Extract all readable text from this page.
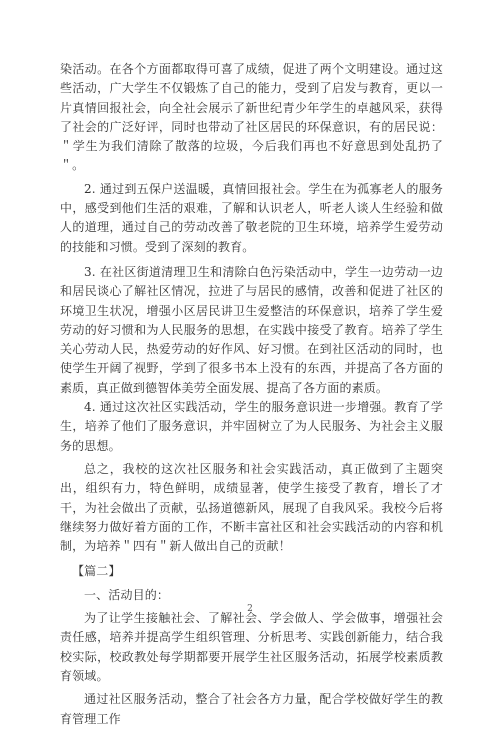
染活动。在各个方面都取得可喜了成绩，促进了两个文明建设。通过这些活动，广大学生不仅锻炼了自己的能力，受到了启发与教育，更以一片真情回报社会，向全社会展示了新世纪青少年学生的卓越风采，获得了社会的广泛好评，同时也带动了社区居民的环保意识，有的居民说：＂学生为我们清除了散落的垃圾，今后我们再也不好意思到处乱扔了＂。

2. 通过到五保户送温暖，真情回报社会。学生在为孤寡老人的服务中，感受到他们生活的艰难，了解和认识老人，听老人谈人生经验和做人的道理，通过自己的劳动改善了敬老院的卫生环境，培养学生爱劳动的技能和习惯。受到了深刻的教育。

3. 在社区街道清理卫生和清除白色污染活动中，学生一边劳动一边和居民谈心了解社区情况，拉进了与居民的感情，改善和促进了社区的环境卫生状况，增强小区居民讲卫生爱整洁的环保意识，培养了学生爱劳动的好习惯和为人民服务的思想，在实践中接受了教育。培养了学生关心劳动人民，热爱劳动的好作风、好习惯。在到社区活动的同时，也使学生开阔了视野，学到了很多书本上没有的东西，并提高了各方面的素质，真正做到德智体美劳全面发展、提高了各方面的素质。

4. 通过这次社区实践活动，学生的服务意识进一步增强。教育了学生，培养了他们了服务意识，并牢固树立了为人民服务、为社会主义服务的思想。

总之，我校的这次社区服务和社会实践活动，真正做到了主题突出，组织有力，特色鲜明，成绩显著，使学生接受了教育，增长了才干，为社会做出了贡献，弘扬道德新风，展现了自我风采。我校今后将继续努力做好着方面的工作，不断丰富社区和社会实践活动的内容和机制，为培养＂四有＂新人做出自己的贡献！

【篇二】

一、活动目的：

为了让学生接触社会、了解社会、学会做人、学会做事，增强社会责任感，培养并提高学生组织管理、分析思考、实践创新能力，结合我校实际，校政教处每学期都要开展学生社区服务活动，拓展学校素质教育领域。

通过社区服务活动，整合了社会各方力量，配合学校做好学生的教育管理工作

2
